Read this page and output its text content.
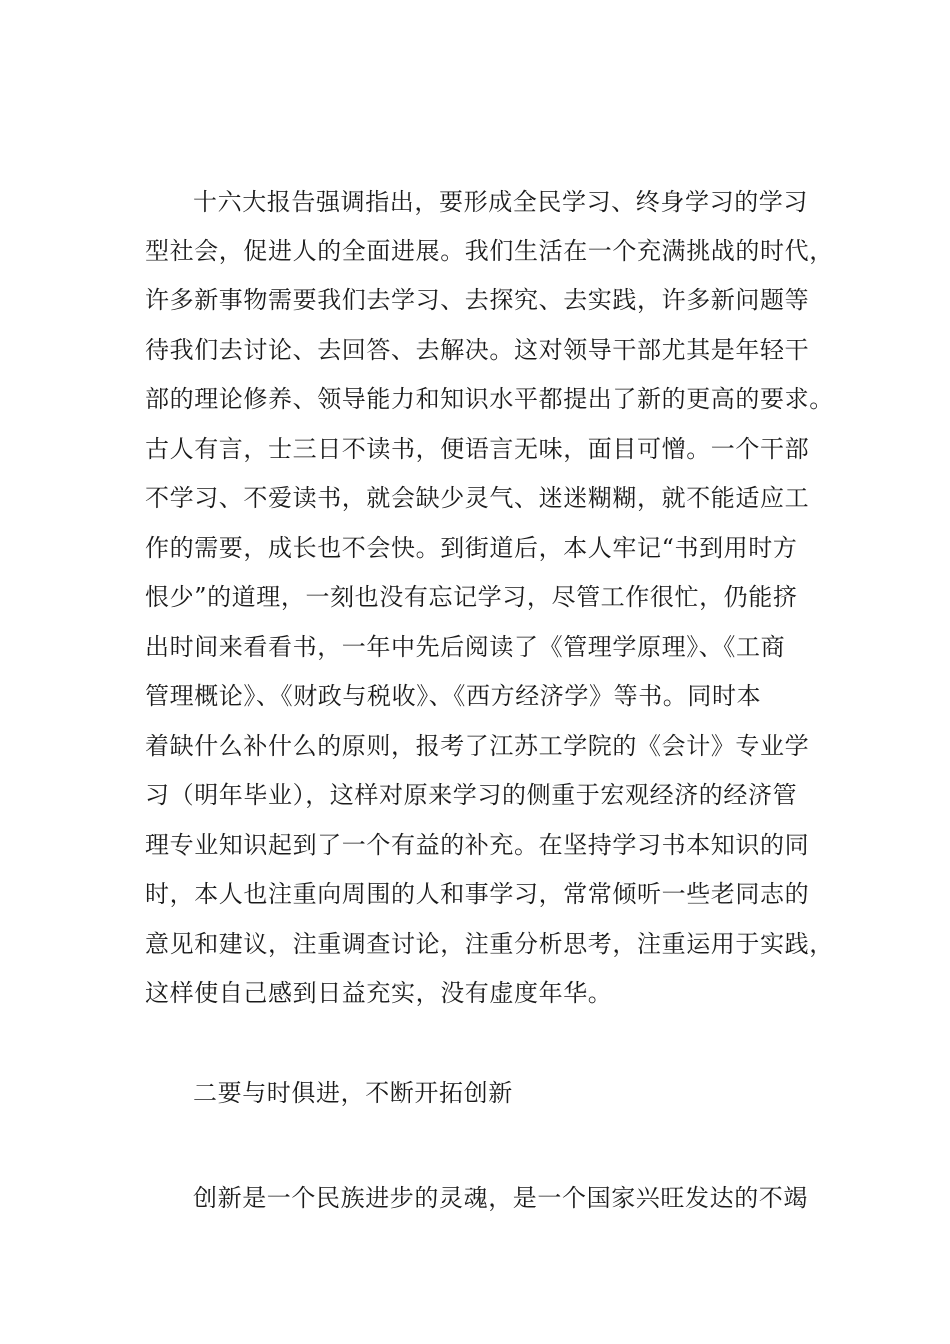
十六大报告强调指出，要形成全民学习、终身学习的学习
型社会，促进人的全面进展。我们生活在一个充满挑战的时代，
许多新事物需要我们去学习、去探究、去实践，许多新问题等
待我们去讨论、去回答、去解决。这对领导干部尤其是年轻干
部的理论修养、领导能力和知识水平都提出了新的更高的要求。
古人有言，士三日不读书，便语言无味，面目可憎。一个干部
不学习、不爱读书，就会缺少灵气、迷迷糊糊，就不能适应工
作的需要，成长也不会快。到街道后，本人牢记“书到用时方
恨少”的道理，一刻也没有忘记学习，尽管工作很忙，仍能挤
出时间来看看书，一年中先后阅读了《管理学原理》、《工商
管理概论》、《财政与税收》、《西方经济学》等书。同时本
着缺什么补什么的原则，报考了江苏工学院的《会计》专业学
习（明年毕业），这样对原来学习的侧重于宏观经济的经济管
理专业知识起到了一个有益的补充。在坚持学习书本知识的同
时，本人也注重向周围的人和事学习，常常倾听一些老同志的
意见和建议，注重调查讨论，注重分析思考，注重运用于实践，
这样使自己感到日益充实，没有虚度年华。
二要与时俱进，不断开拓创新
创新是一个民族进步的灵魂，是一个国家兴旺发达的不竭
